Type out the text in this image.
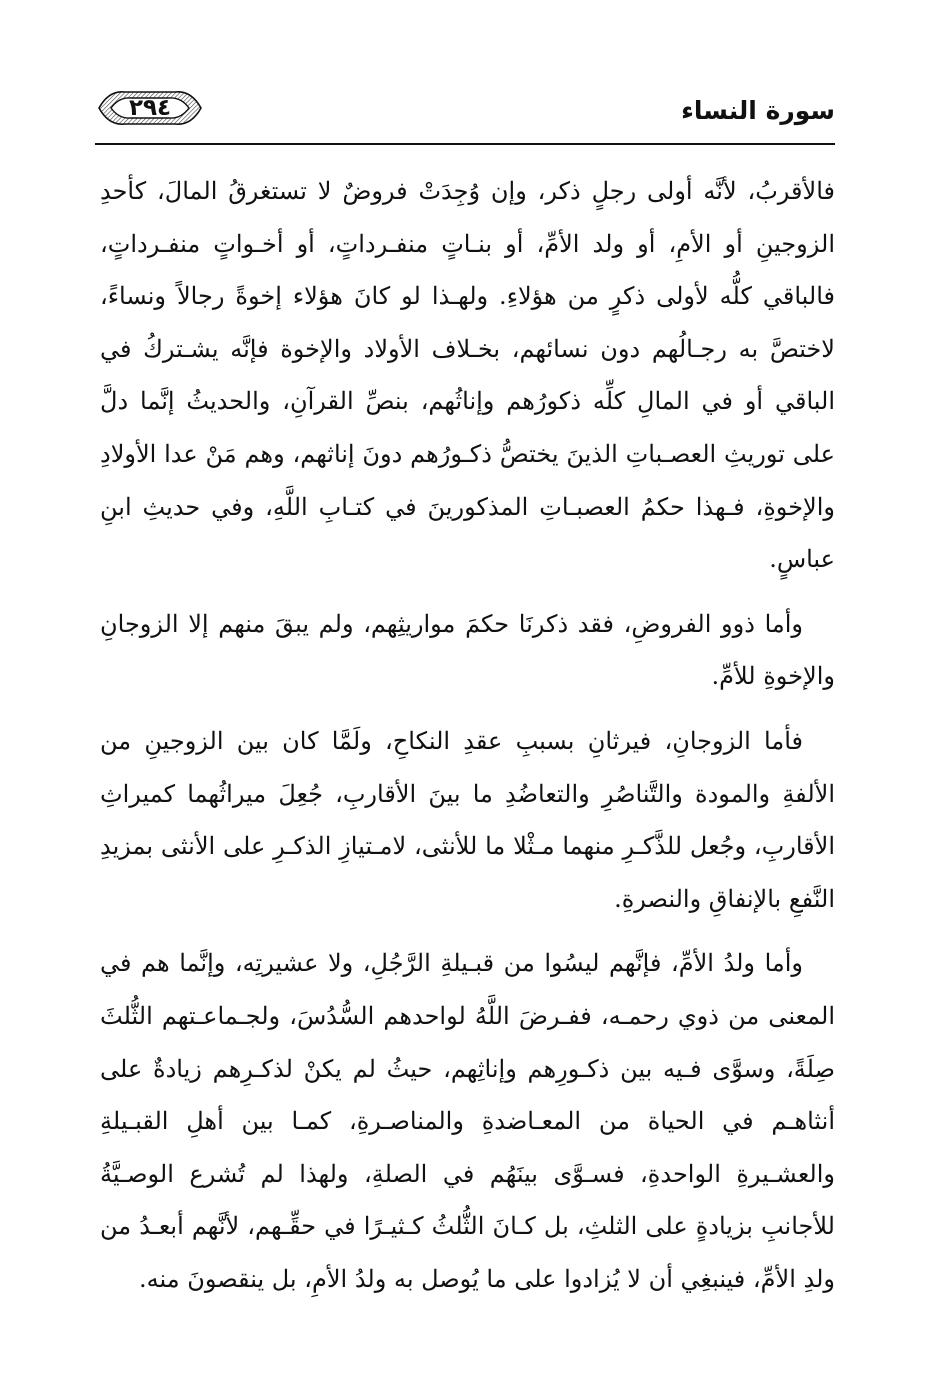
سورة النساء
٢٩٤

فالأقربُ، لأنَّه أولى رجلٍ ذكر، وإن وُجِدَتْ فروضٌ لا تستغرقُ المالَ، كأحدِ الزوجينِ أو الأمِ، أو ولد الأمِّ، أو بنـاتٍ منفـرداتٍ، أو أخـواتٍ منفـرداتٍ، فالباقي كلُّه لأولى ذكرٍ من هؤلاءِ. ولهـذا لو كانَ هؤلاء إخوةً رجالاً ونساءً، لاختصَّ به رجـالُهم دون نسائهم، بخـلاف الأولاد والإخوة فإنَّه يشـتركُ في الباقي أو في المالِ كلِّه ذكورُهم وإناثُهم، بنصِّ القرآنِ، والحديثُ إنَّما دلَّ على توريثِ العصـباتِ الذينَ يختصُّ ذكـورُهم دونَ إناثهم، وهم مَنْ عدا الأولادِ والإخوةِ، فـهذا حكمُ العصبـاتِ المذكورينَ في كتـابِ اللَّهِ، وفي حديثِ ابنِ عباسٍ.

وأما ذوو الفروضِ، فقد ذكرنَا حكمَ مواريثِهم، ولم يبقَ منهم إلا الزوجانِ والإخوةِ للأمِّ.

فأما الزوجانِ، فيرثانِ بسببِ عقدِ النكاحِ، ولَمَّا كان بين الزوجينِ من الألفةِ والمودة والتَّناصُرِ والتعاضُدِ ما بينَ الأقاربِ، جُعِلَ ميراثُهما كميراثِ الأقاربِ، وجُعل للذَّكـرِ منهما مـثْلا ما للأنثى، لامـتيازِ الذكـرِ على الأنثى بمزيدِ النَّفعِ بالإنفاقِ والنصرةِ.

وأما ولدُ الأمِّ، فإنَّهم ليسُوا من قبـيلةِ الرَّجُلِ، ولا عشيرتِه، وإنَّما هم في المعنى من ذوي رحمـه، ففـرضَ اللَّهُ لواحدهم السُّدُسَ، ولجـماعـتهم الثُّلثَ صِلَةً، وسوَّى فـيه بين ذكـورِهم وإناثِهم، حيثُ لم يكنْ لذكـرِهم زيادةٌ على أنثاهـم في الحياة من المعـاضدةِ والمناصـرةِ، كمـا بين أهلِ القبـيلةِ والعشـيرةِ الواحدةِ، فسـوَّى بينَهُم في الصلةِ، ولهذا لم تُشرع الوصـيَّةُ للأجانبِ بزيادةٍ على الثلثِ، بل كـانَ الثُّلثُ كـثيـرًا في حقِّـهم، لأنَّهم أبعـدُ من ولدِ الأمِّ، فينبغِي أن لا يُزادوا على ما يُوصل به ولدُ الأمِ، بل ينقصونَ منه.
